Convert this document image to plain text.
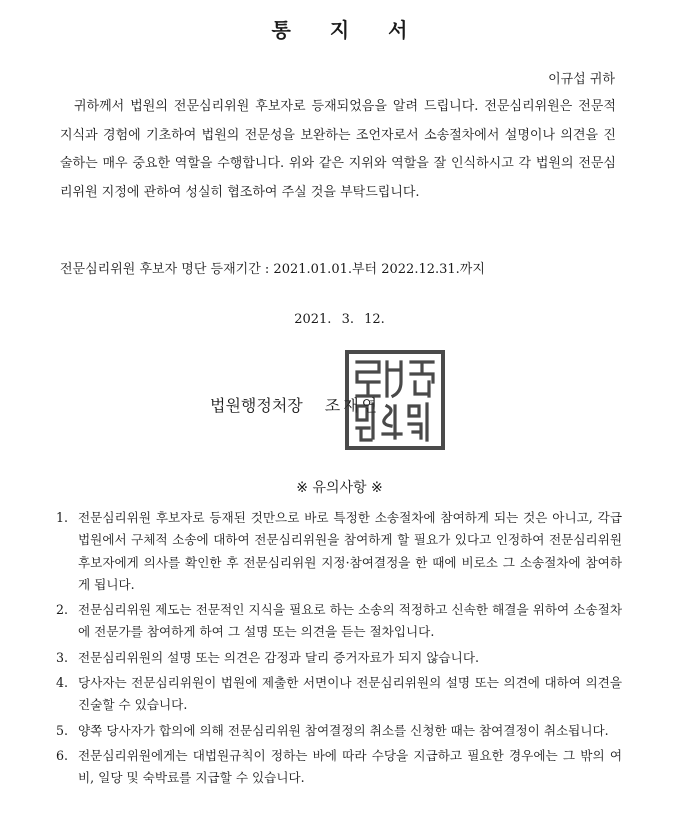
통 지 서
이규섭 귀하

귀하께서 법원의 전문심리위원 후보자로 등재되었음을 알려 드립니다. 전문심리위원은 전문적 지식과 경험에 기초하여 법원의 전문성을 보완하는 조언자로서 소송절차에서 설명이나 의견을 진술하는 매우 중요한 역할을 수행합니다. 위와 같은 지위와 역할을 잘 인식하시고 각 법원의 전문심리위원 지정에 관하여 성실히 협조하여 주실 것을 부탁드립니다.

전문심리위원 후보자 명단 등재기간 : 2021.01.01.부터 2022.12.31.까지
2021. 3. 12.
법원행정처장 조재연
※ 유의사항 ※
1. 전문심리위원 후보자로 등재된 것만으로 바로 특정한 소송절차에 참여하게 되는 것은 아니고, 각급 법원에서 구체적 소송에 대하여 전문심리위원을 참여하게 할 필요가 있다고 인정하여 전문심리위원 후보자에게 의사를 확인한 후 전문심리위원 지정·참여결정을 한 때에 비로소 그 소송절차에 참여하게 됩니다.
2. 전문심리위원 제도는 전문적인 지식을 필요로 하는 소송의 적정하고 신속한 해결을 위하여 소송절차에 전문가를 참여하게 하여 그 설명 또는 의견을 듣는 절차입니다.
3. 전문심리위원의 설명 또는 의견은 감정과 달리 증거자료가 되지 않습니다.
4. 당사자는 전문심리위원이 법원에 제출한 서면이나 전문심리위원의 설명 또는 의견에 대하여 의견을 진술할 수 있습니다.
5. 양쪽 당사자가 합의에 의해 전문심리위원 참여결정의 취소를 신청한 때는 참여결정이 취소됩니다.
6. 전문심리위원에게는 대법원규칙이 정하는 바에 따라 수당을 지급하고 필요한 경우에는 그 밖의 여비, 일당 및 숙박료를 지급할 수 있습니다.
